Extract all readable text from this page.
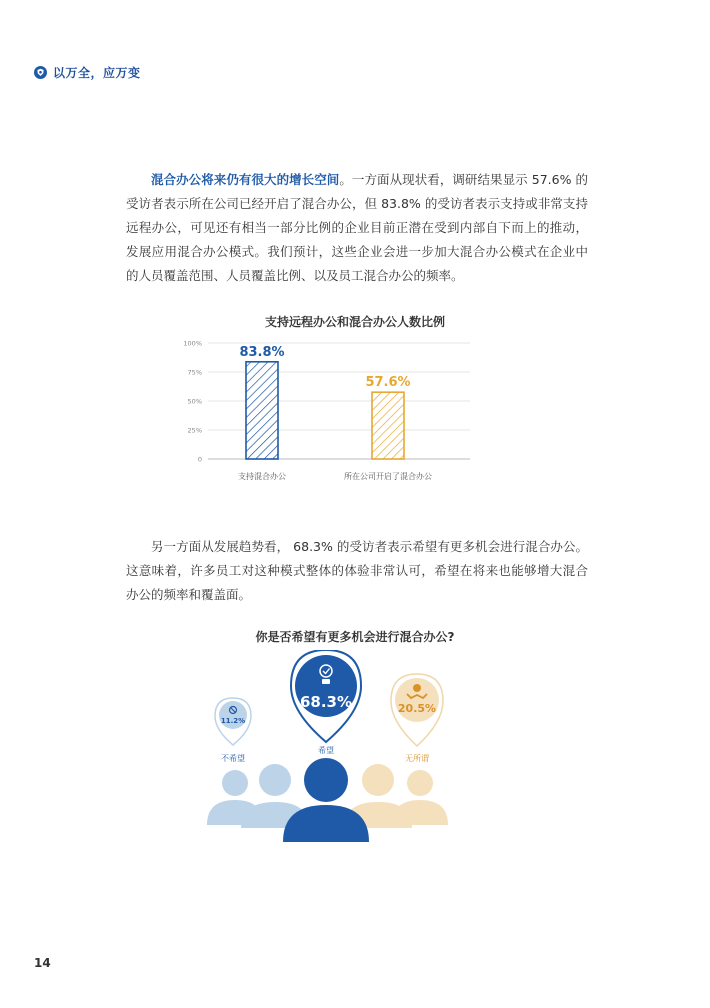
以万全，应万变
混合办公将来仍有很大的增长空间。一方面从现状看，调研结果显示 57.6% 的受访者表示所在公司已经开启了混合办公，但 83.8% 的受访者表示支持或非常支持远程办公，可见还有相当一部分比例的企业目前正潜在受到内部自下而上的推动，发展应用混合办公模式。我们预计，这些企业会进一步加大混合办公模式在企业中的人员覆盖范围、人员覆盖比例、以及员工混合办公的频率。
支持远程办公和混合办公人数比例
100%
75%
50%
25%
0
83.8%
57.6%
支持混合办公	所在公司开启了混合办公
另一方面从发展趋势看， 68.3% 的受访者表示希望有更多机会进行混合办公。这意味着，许多员工对这种模式整体的体验非常认可，希望在将来也能够增大混合办公的频率和覆盖面。
你是否希望有更多机会进行混合办公?
11.2%
68.3%	20.5%
不希望
希望
无所谓
14
